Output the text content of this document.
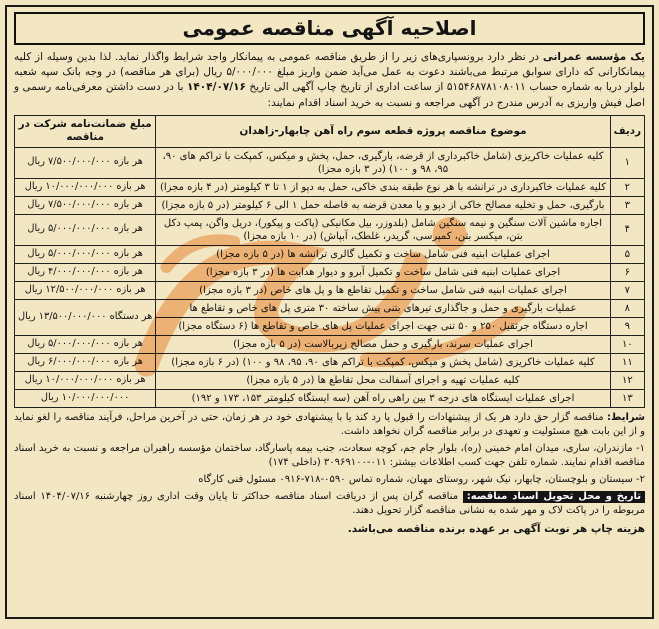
اصلاحیه آگهی مناقصه عمومی

یک مؤسسه عمرانی در نظر دارد برونسپاری‌های زیر را از طریق مناقصه عمومی به پیمانکار واجد شرایط واگذار نماید. لذا بدین وسیله از کلیه پیمانکارانی که دارای سوابق مرتبط می‌باشند دعوت به عمل می‌آید ضمن واریز مبلغ ۵/۰۰۰/۰۰۰ ریال (برای هر مناقصه) در وجه بانک سپه شعبه بلوار دریا به شماره حساب ۵۱۵۴۶۸۷۸۱۰۸۰۱۱ از ساعت اداری از تاریخ چاپ آگهی الی تاریخ ۱۴۰۴/۰۷/۱۶ با در دست داشتن معرفی‌نامه رسمی و اصل فیش واریزی به آدرس مندرج در آگهی مراجعه و نسبت به خرید اسناد اقدام نمایند:

ردیف	موضوع مناقصه پروژه قطعه سوم راه آهن چابهار-زاهدان	مبلغ ضمانت‌نامه شرکت در مناقصه
۱	کلیه عملیات خاکریزی (شامل خاکبرداری از قرضه، بارگیری، حمل، پخش و میکس، کمپکت با تراکم های ۹۰، ۹۵، ۹۸ و ۱۰۰) (در ۳ بازه مجزا)	هر بازه ۷/۵۰۰/۰۰۰/۰۰۰ ریال
۲	کلیه عملیات خاکبرداری در ترانشه با هر نوع طبقه بندی خاکی، حمل به دپو از ۱ تا ۳ کیلومتر (در ۴ بازه مجزا)	هر بازه ۱۰/۰۰۰/۰۰۰/۰۰۰ ریال
۳	بارگیری، حمل و تخلیه مصالح خاکی از دپو و یا معدن قرضه به فاصله حمل ۱ الی ۶ کیلومتر (در ۵ بازه مجزا)	هر بازه ۷/۵۰۰/۰۰۰/۰۰۰ ریال
۴	اجاره ماشین آلات سنگین و نیمه سنگین شامل (بلدوزر، بیل مکانیکی (پاکت و پیکور)، دریل واگن، پمپ دکل بتن، میکسر بتن، کمپرسی، گریدر، غلطک، آبپاش) (در ۱۰ بازه مجزا)	هر بازه ۵/۰۰۰/۰۰۰/۰۰۰ ریال
۵	اجرای عملیات ابنیه فنی شامل ساخت و تکمیل گالری ترانشه ها (در ۵ بازه مجزا)	هر بازه ۵/۰۰۰/۰۰۰/۰۰۰ ریال
۶	اجرای عملیات ابنیه فنی شامل ساخت و تکمیل آبرو و دیوار هدایت ها (در ۳ بازه مجزا)	هر بازه ۴/۰۰۰/۰۰۰/۰۰۰ ریال
۷	اجرای عملیات ابنیه فنی شامل ساخت و تکمیل تقاطع ها و پل های خاص (در ۳ بازه مجزا)	هر بازه ۱۲/۵۰۰/۰۰۰/۰۰۰ ریال
۸	عملیات بارگیری و حمل و جاگذاری تیرهای بتنی پیش ساخته ۳۰ متری پل های خاص و تقاطع ها	هر دستگاه ۱۳/۵۰۰/۰۰۰/۰۰۰ ریال
۹	اجاره دستگاه جرثقیل ۲۵۰ و ۵۰ تنی جهت اجرای عملیات پل های خاص و تقاطع ها (۶ دستگاه مجزا)	
۱۰	اجرای عملیات سرند، بارگیری و حمل مصالح زیربالاست (در ۵ بازه مجزا)	هر بازه ۵/۰۰۰/۰۰۰/۰۰۰ ریال
۱۱	کلیه عملیات خاکریزی (شامل پخش و میکس، کمپکت با تراکم های ۹۰، ۹۵، ۹۸ و ۱۰۰) (در ۶ بازه مجزا)	هر بازه ۶/۰۰۰/۰۰۰/۰۰۰ ریال
۱۲	کلیه عملیات تهیه و اجرای آسفالت محل تقاطع ها (در ۵ بازه مجزا)	هر بازه ۱۰/۰۰۰/۰۰۰/۰۰۰ ریال
۱۳	اجرای عملیات ایستگاه های درجه ۳ بین راهی راه آهن (سه ایستگاه کیلومتر ۱۵۳، ۱۷۳ و ۱۹۲)	۱۰/۰۰۰/۰۰۰/۰۰۰ ریال

شرایط: مناقصه گزار حق دارد هر یک از پیشنهادات را قبول یا رد کند یا با پیشنهادی خود در هر زمان، حتی در آخرین مراحل، فرآیند مناقصه را لغو نماید و از این بابت هیچ مسئولیت و تعهدی در برابر مناقصه گران نخواهد داشت.

۱- مازندران، ساری، میدان امام خمینی (ره)، بلوار جام جم، کوچه سعادت، جنب بیمه پاسارگاد، ساختمان مؤسسه راهیران مراجعه و نسبت به خرید اسناد مناقصه اقدام نمایند. شماره تلفن جهت کسب اطلاعات بیشتر: ۰۱۱-۳۰۹۶۹۱۰۰ (داخلی ۱۷۴)

۲- سیستان و بلوچستان، چابهار، نیک شهر، روستای مهبان، شماره تماس ۰۵۹۰-۷۱۸-۰۹۱۶ مسئول فنی کارگاه

تاریخ و محل تحویل اسناد مناقصه: مناقصه گران پس از دریافت اسناد مناقصه حداکثر تا پایان وقت اداری روز چهارشنبه ۱۴۰۴/۰۷/۱۶ اسناد مربوطه را در پاکت لاک و مهر شده به نشانی مناقصه گزار تحویل دهند.

هزینه چاپ هر نوبت آگهی بر عهده برنده مناقصه می‌باشد.
